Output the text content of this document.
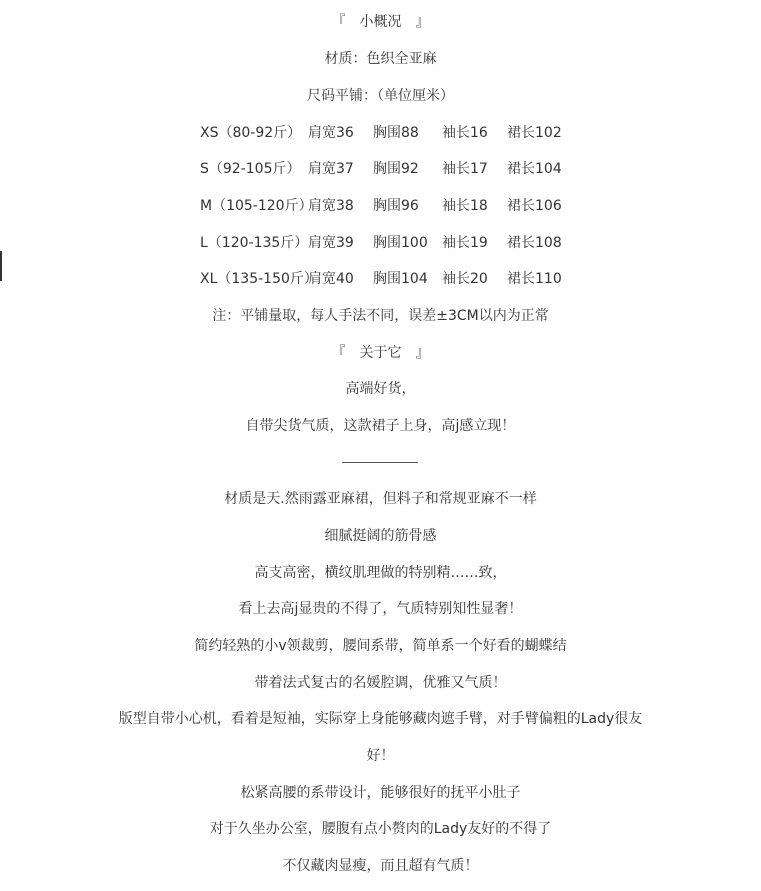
『　小概况　』
材质：色织全亚麻
尺码平铺：（单位厘米）
XS（80-92斤） 肩宽36 胸围88 袖长16 裙长102
S（92-105斤） 肩宽37 胸围92 袖长17 裙长104
M（105-120斤）
肩宽38 胸围96 袖长18 裙长106
L（120-135斤） 肩宽39 胸围100 袖长19 裙长108
XL（135-150斤）
肩宽40 胸围104 袖长20 裙长110
注：平铺量取，每人手法不同，误差±3CM以内为正常
『　关于它　』
高端好货，
自带尖货气质，这款裙子上身，高j感立现！
材质是天.然雨露亚麻裙，但料子和常规亚麻不一样
细腻挺阔的筋骨感
高支高密，横纹肌理做的特别精……致，
看上去高j显贵的不得了，气质特别知性显奢！
简约轻熟的小v领裁剪，腰间系带，简单系一个好看的蝴蝶结
带着法式复古的名媛腔调，优雅又气质！
版型自带小心机，看着是短袖，实际穿上身能够藏肉遮手臂，对手臂偏粗的Lady很友
好！
松紧高腰的系带设计，能够很好的抚平小肚子
对于久坐办公室，腰腹有点小赘肉的Lady友好的不得了
不仅藏肉显瘦，而且超有气质！
